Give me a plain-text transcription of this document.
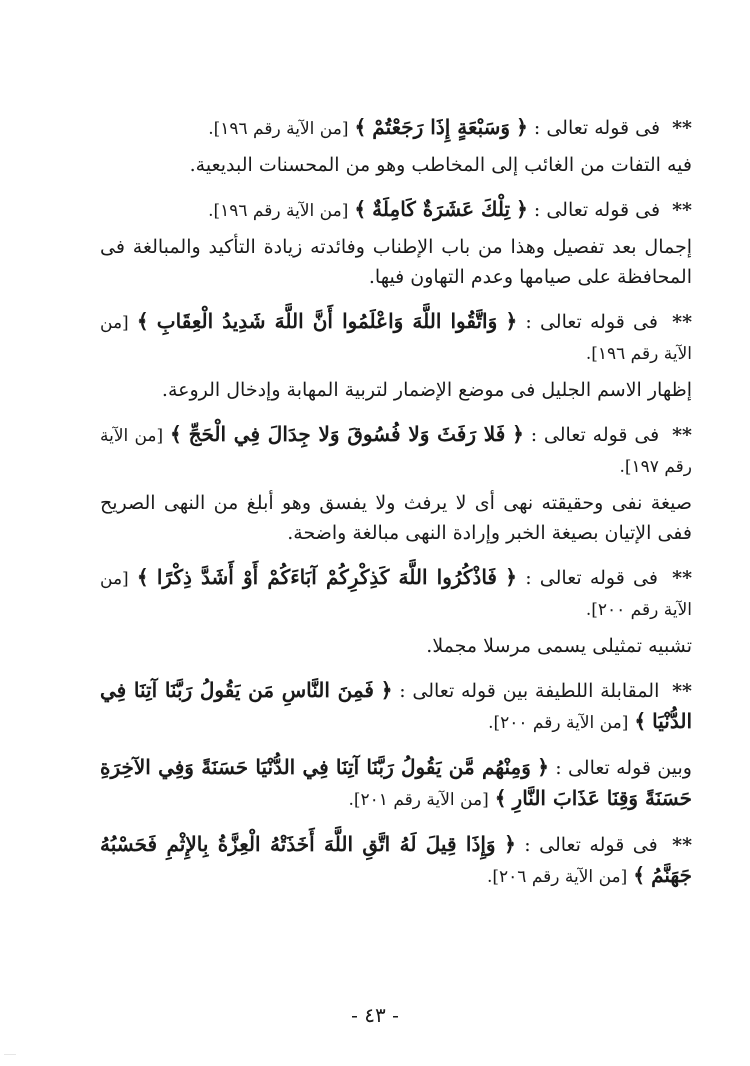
** فى قوله تعالى : ﴿ وَسَبْعَةٍ إِذَا رَجَعْتُمْ ﴾ [من الآية رقم ١٩٦].

فيه التفات من الغائب إلى المخاطب وهو من المحسنات البديعية.

** فى قوله تعالى : ﴿ تِلْكَ عَشَرَةٌ كَامِلَةٌ ﴾ [من الآية رقم ١٩٦].

إجمال بعد تفصيل وهذا من باب الإطناب وفائدته زيادة التأكيد والمبالغة فى المحافظة على صيامها وعدم التهاون فيها.

** فى قوله تعالى : ﴿ وَاتَّقُوا اللَّهَ وَاعْلَمُوا أَنَّ اللَّهَ شَدِيدُ الْعِقَابِ ﴾ [من الآية رقم ١٩٦].

إظهار الاسم الجليل فى موضع الإضمار لتربية المهابة وإدخال الروعة.

** فى قوله تعالى : ﴿ فَلا رَفَثَ وَلا فُسُوقَ وَلا جِدَالَ فِي الْحَجِّ ﴾ [من الآية رقم ١٩٧].

صيغة نفى وحقيقته نهى أى لا يرفث ولا يفسق وهو أبلغ من النهى الصريح ففى الإتيان بصيغة الخبر وإرادة النهى مبالغة واضحة.

** فى قوله تعالى : ﴿ فَاذْكُرُوا اللَّهَ كَذِكْرِكُمْ آبَاءَكُمْ أَوْ أَشَدَّ ذِكْرًا ﴾ [من الآية رقم ٢٠٠].

تشبيه تمثيلى يسمى مرسلا مجملا.

** المقابلة اللطيفة بين قوله تعالى : ﴿ فَمِنَ النَّاسِ مَن يَقُولُ رَبَّنَا آتِنَا فِي الدُّنْيَا ﴾ [من الآية رقم ٢٠٠].

وبين قوله تعالى : ﴿ وَمِنْهُم مَّن يَقُولُ رَبَّنَا آتِنَا فِي الدُّنْيَا حَسَنَةً وَفِي الآخِرَةِ حَسَنَةً وَقِنَا عَذَابَ النَّارِ ﴾ [من الآية رقم ٢٠١].

** فى قوله تعالى : ﴿ وَإِذَا قِيلَ لَهُ اتَّقِ اللَّهَ أَخَذَتْهُ الْعِزَّةُ بِالإِثْمِ فَحَسْبُهُ جَهَنَّمُ ﴾ [من الآية رقم ٢٠٦].

- ٤٣ -
